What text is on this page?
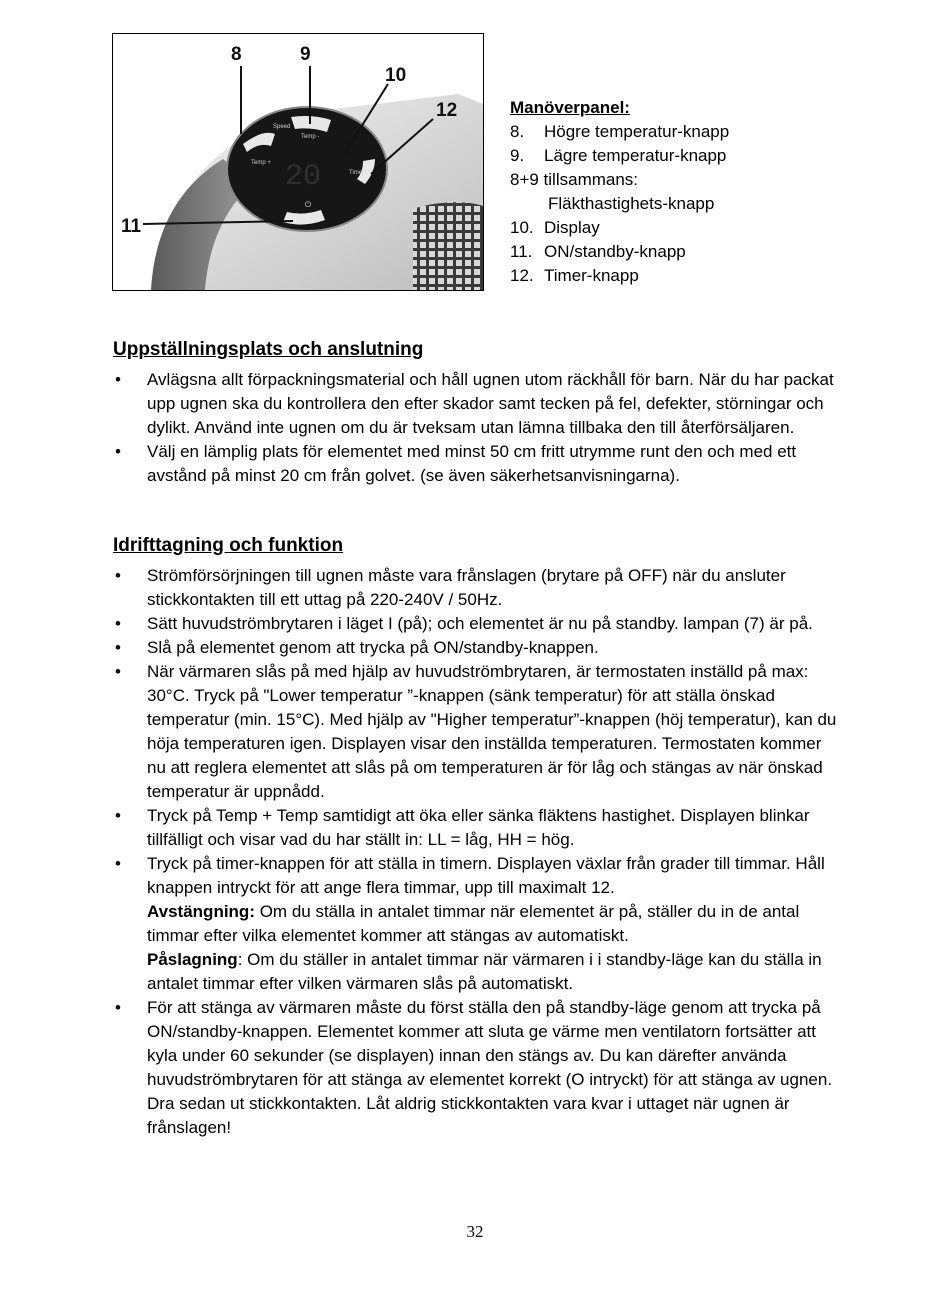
20
⏻
Speed
Temp -
Temp +
Timer
8	9
10
12
11
Manöverpanel:
8. Högre temperatur-knapp
9. Lägre temperatur-knapp
8+9 tillsammans:
Fläkthastighets-knapp
10. Display
11. ON/standby-knapp
12. Timer-knapp
Uppställningsplats och anslutning
• Avlägsna allt förpackningsmaterial och håll ugnen utom räckhåll för barn. När du har packat upp ugnen ska du kontrollera den efter skador samt tecken på fel, defekter, störningar och dylikt. Använd inte ugnen om du är tveksam utan lämna tillbaka den till återförsäljaren.
• Välj en lämplig plats för elementet med minst 50 cm fritt utrymme runt den och med ett avstånd på minst 20 cm från golvet. (se även säkerhetsanvisningarna).
Idrifttagning och funktion
• Strömförsörjningen till ugnen måste vara frånslagen (brytare på OFF) när du ansluter stickkontakten till ett uttag på 220-240V / 50Hz.
• Sätt huvudströmbrytaren i läget I (på); och elementet är nu på standby. lampan (7) är på.
• Slå på elementet genom att trycka på ON/standby-knappen.
• När värmaren slås på med hjälp av huvudströmbrytaren, är termostaten inställd på max: 30°C. Tryck på "Lower temperatur ”-knappen (sänk temperatur) för att ställa önskad temperatur (min. 15°C). Med hjälp av "Higher temperatur”-knappen (höj temperatur), kan du höja temperaturen igen. Displayen visar den inställda temperaturen. Termostaten kommer nu att reglera elementet att slås på om temperaturen är för låg och stängas av när önskad temperatur är uppnådd.
• Tryck på Temp + Temp samtidigt att öka eller sänka fläktens hastighet. Displayen blinkar tillfälligt och visar vad du har ställt in: LL = låg, HH = hög.
• Tryck på timer-knappen för att ställa in timern. Displayen växlar från grader till timmar. Håll knappen intryckt för att ange flera timmar, upp till maximalt 12.
Avstängning: Om du ställa in antalet timmar när elementet är på, ställer du in de antal timmar efter vilka elementet kommer att stängas av automatiskt.
Påslagning: Om du ställer in antalet timmar när värmaren i i standby-läge kan du ställa in antalet timmar efter vilken värmaren slås på automatiskt.
• För att stänga av värmaren måste du först ställa den på standby-läge genom att trycka på ON/standby-knappen. Elementet kommer att sluta ge värme men ventilatorn fortsätter att kyla under 60 sekunder (se displayen) innan den stängs av. Du kan därefter använda huvudströmbrytaren för att stänga av elementet korrekt (O intryckt) för att stänga av ugnen. Dra sedan ut stickkontakten. Låt aldrig stickkontakten vara kvar i uttaget när ugnen är frånslagen!
32
